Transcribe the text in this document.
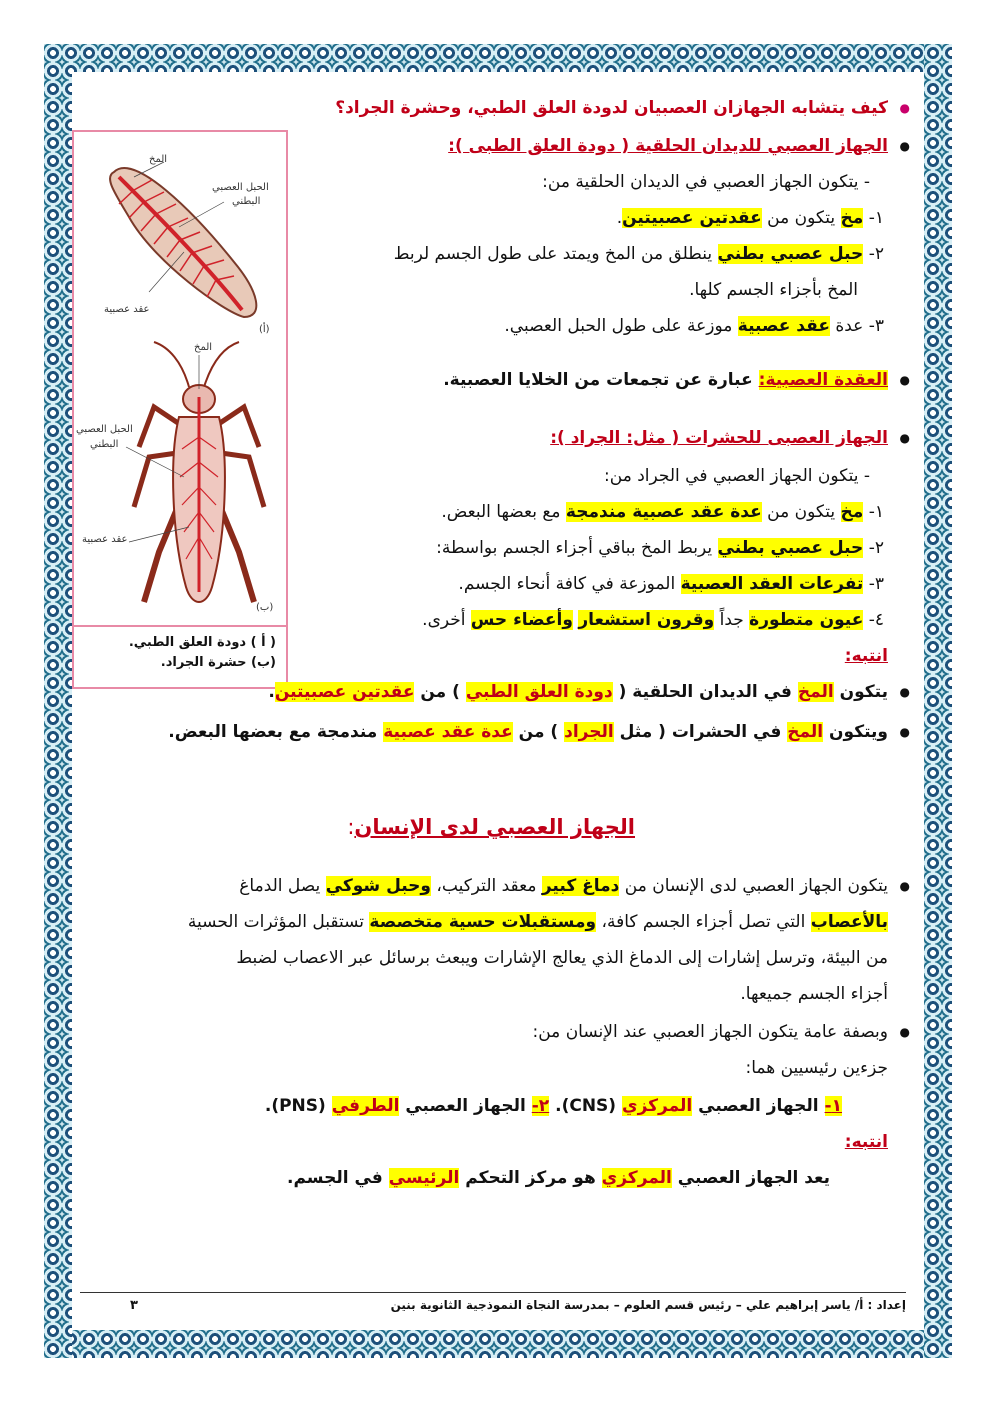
المخ
الحبل العصبي
البطني
عقد عصبية
(أ)
المخ
الحبل العصبي
البطني
عقد عصبية
(ب)
( أ ) دودة العلق الطبي.
(ب) حشرة الجراد.
● كيف يتشابه الجهازان العصبيان لدودة العلق الطبي، وحشرة الجراد؟
● الجهاز العصبي للديدان الحلقية ( دودة العلق الطبى ):
- يتكون الجهاز العصبي في الديدان الحلقية من:
١- مخ يتكون من عقدتين عصبيتين.
٢- حبل عصبي بطني ينطلق من المخ ويمتد على طول الجسم لربط
المخ بأجزاء الجسم كلها.
٣- عدة عقد عصبية موزعة على طول الحبل العصبي.
● العقدة العصبية: عبارة عن تجمعات من الخلايا العصبية.
● الجهاز العصبى للحشرات ( مثل: الجراد ):
- يتكون الجهاز العصبي في الجراد من:
١- مخ يتكون من عدة عقد عصبية مندمجة مع بعضها البعض.
٢- حبل عصبي بطني يربط المخ بباقي أجزاء الجسم بواسطة:
٣- تفرعات العقد العصبية الموزعة في كافة أنحاء الجسم.
٤- عيون متطورة جداً وقرون استشعار وأعضاء حس أخرى.
انتبه:
● يتكون المخ في الديدان الحلقية ( دودة العلق الطبي ) من عقدتين عصبيتين.
● ويتكون المخ في الحشرات ( مثل الجراد ) من عدة عقد عصبية مندمجة مع بعضها البعض.
الجهاز العصبي لدى الإنسان:
● يتكون الجهاز العصبي لدى الإنسان من دماغ كبير معقد التركيب، وحبل شوكي يصل الدماغ
بالأعصاب التي تصل أجزاء الجسم كافة، ومستقبلات حسية متخصصة تستقبل المؤثرات الحسية
من البيئة، وترسل إشارات إلى الدماغ الذي يعالج الإشارات ويبعث برسائل عبر الاعصاب لضبط
أجزاء الجسم جميعها.
● وبصفة عامة يتكون الجهاز العصبي عند الإنسان من:
جزءين رئيسيين هما:
١- الجهاز العصبي المركزي (CNS). ٢- الجهاز العصبي الطرفي (PNS).
انتبه:
يعد الجهاز العصبي المركزي هو مركز التحكم الرئيسي في الجسم.
إعداد : أ/ ياسر إبراهيم علي – رئيس قسم العلوم – بمدرسة النجاة النموذجية الثانوية بنين
٣
